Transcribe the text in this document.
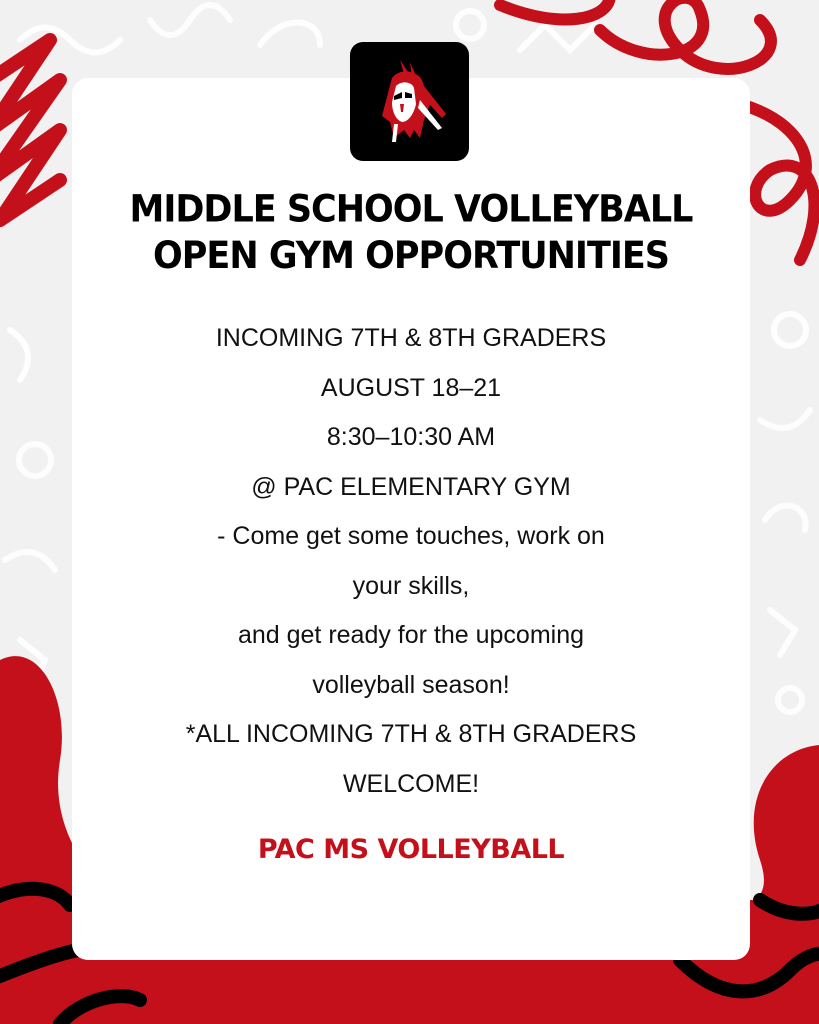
MIDDLE SCHOOL VOLLEYBALL
OPEN GYM OPPORTUNITIES
INCOMING 7TH & 8TH GRADERS
AUGUST 18–21
8:30–10:30 AM
@ PAC ELEMENTARY GYM
- Come get some touches, work on
your skills,
and get ready for the upcoming
volleyball season!
*ALL INCOMING 7TH & 8TH GRADERS
WELCOME!
PAC MS VOLLEYBALL
